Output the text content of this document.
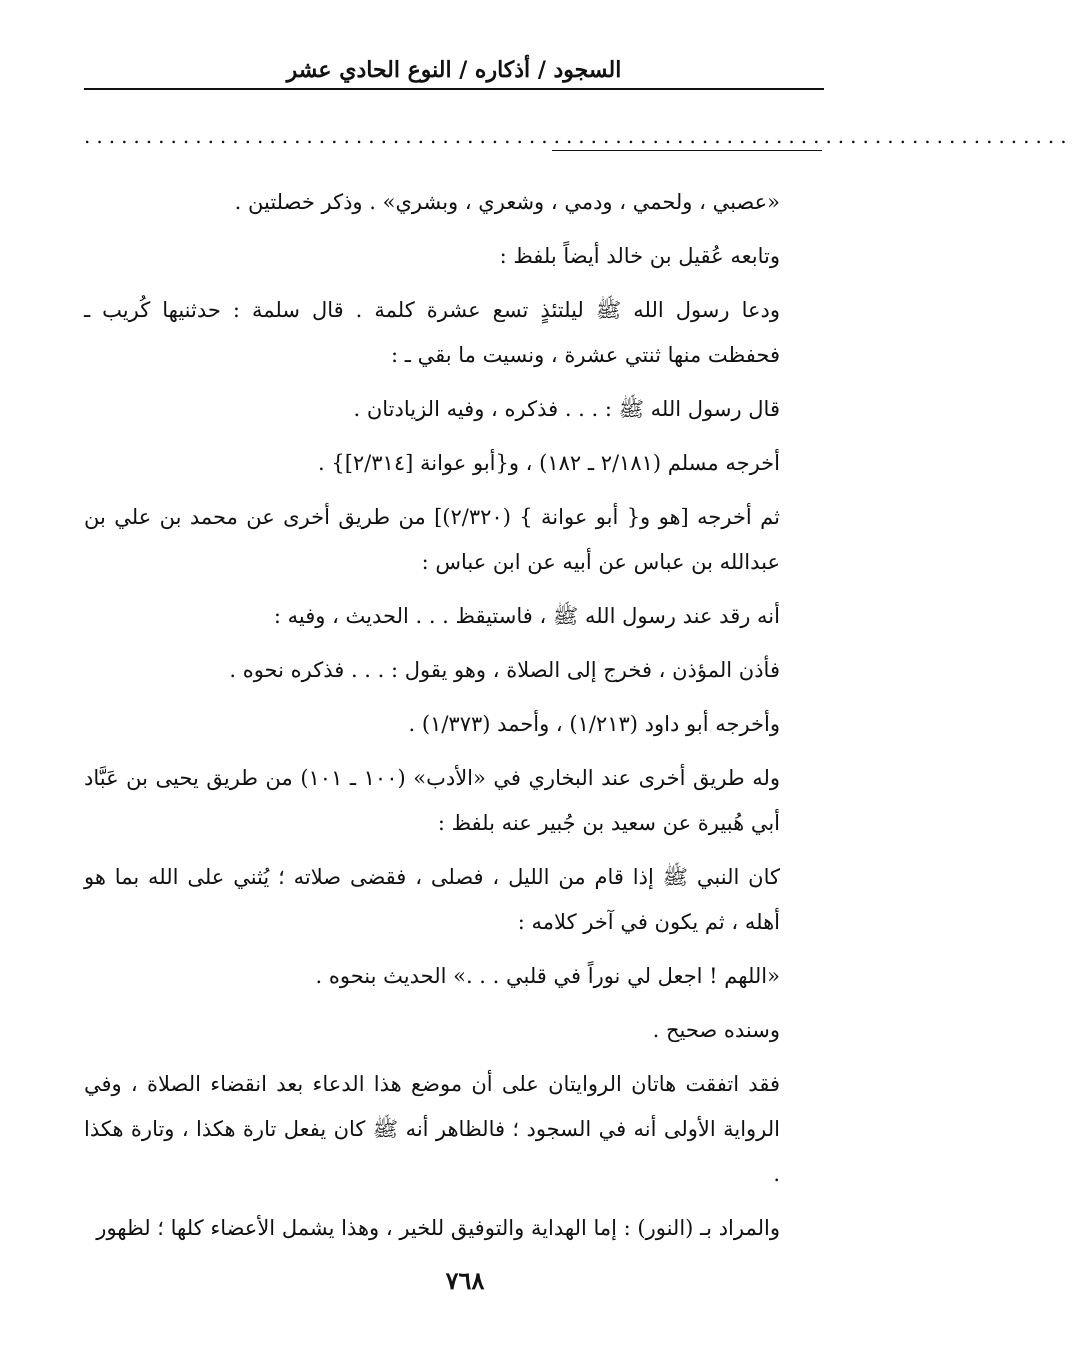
السجود / أذكاره / النوع الحادي عشر
................................................................................

«عصبي ، ولحمي ، ودمي ، وشعري ، وبشري» . وذكر خصلتين .

وتابعه عُقيل بن خالد أيضاً بلفظ :

ودعا رسول الله ﷺ ليلتئذٍ تسع عشرة كلمة . قال سلمة : حدثنيها كُريب ـ فحفظت منها ثنتي عشرة ، ونسيت ما بقي ـ :

قال رسول الله ﷺ : . . . فذكره ، وفيه الزيادتان .

أخرجه مسلم (٢/١٨١ ـ ١٨٢) ، و{أبو عوانة [٢/٣١٤]} .

ثم أخرجه [هو و{ أبو عوانة } (٢/٣٢٠)] من طريق أخرى عن محمد بن علي بن عبدالله بن عباس عن أبيه عن ابن عباس :

أنه رقد عند رسول الله ﷺ ، فاستيقظ . . . الحديث ، وفيه :

فأذن المؤذن ، فخرج إلى الصلاة ، وهو يقول : . . . فذكره نحوه .

وأخرجه أبو داود (١/٢١٣) ، وأحمد (١/٣٧٣) .

وله طريق أخرى عند البخاري في «الأدب» (١٠٠ ـ ١٠١) من طريق يحيى بن عَبَّاد أبي هُبيرة عن سعيد بن جُبير عنه بلفظ :

كان النبي ﷺ إذا قام من الليل ، فصلى ، فقضى صلاته ؛ يُثني على الله بما هو أهله ، ثم يكون في آخر كلامه :

«اللهم ! اجعل لي نوراً في قلبي . . .» الحديث بنحوه .

وسنده صحيح .

فقد اتفقت هاتان الروايتان على أن موضع هذا الدعاء بعد انقضاء الصلاة ، وفي الرواية الأولى أنه في السجود ؛ فالظاهر أنه ﷺ كان يفعل تارة هكذا ، وتارة هكذا .

والمراد بـ (النور) : إما الهداية والتوفيق للخير ، وهذا يشمل الأعضاء كلها ؛ لظهور

٧٦٨
